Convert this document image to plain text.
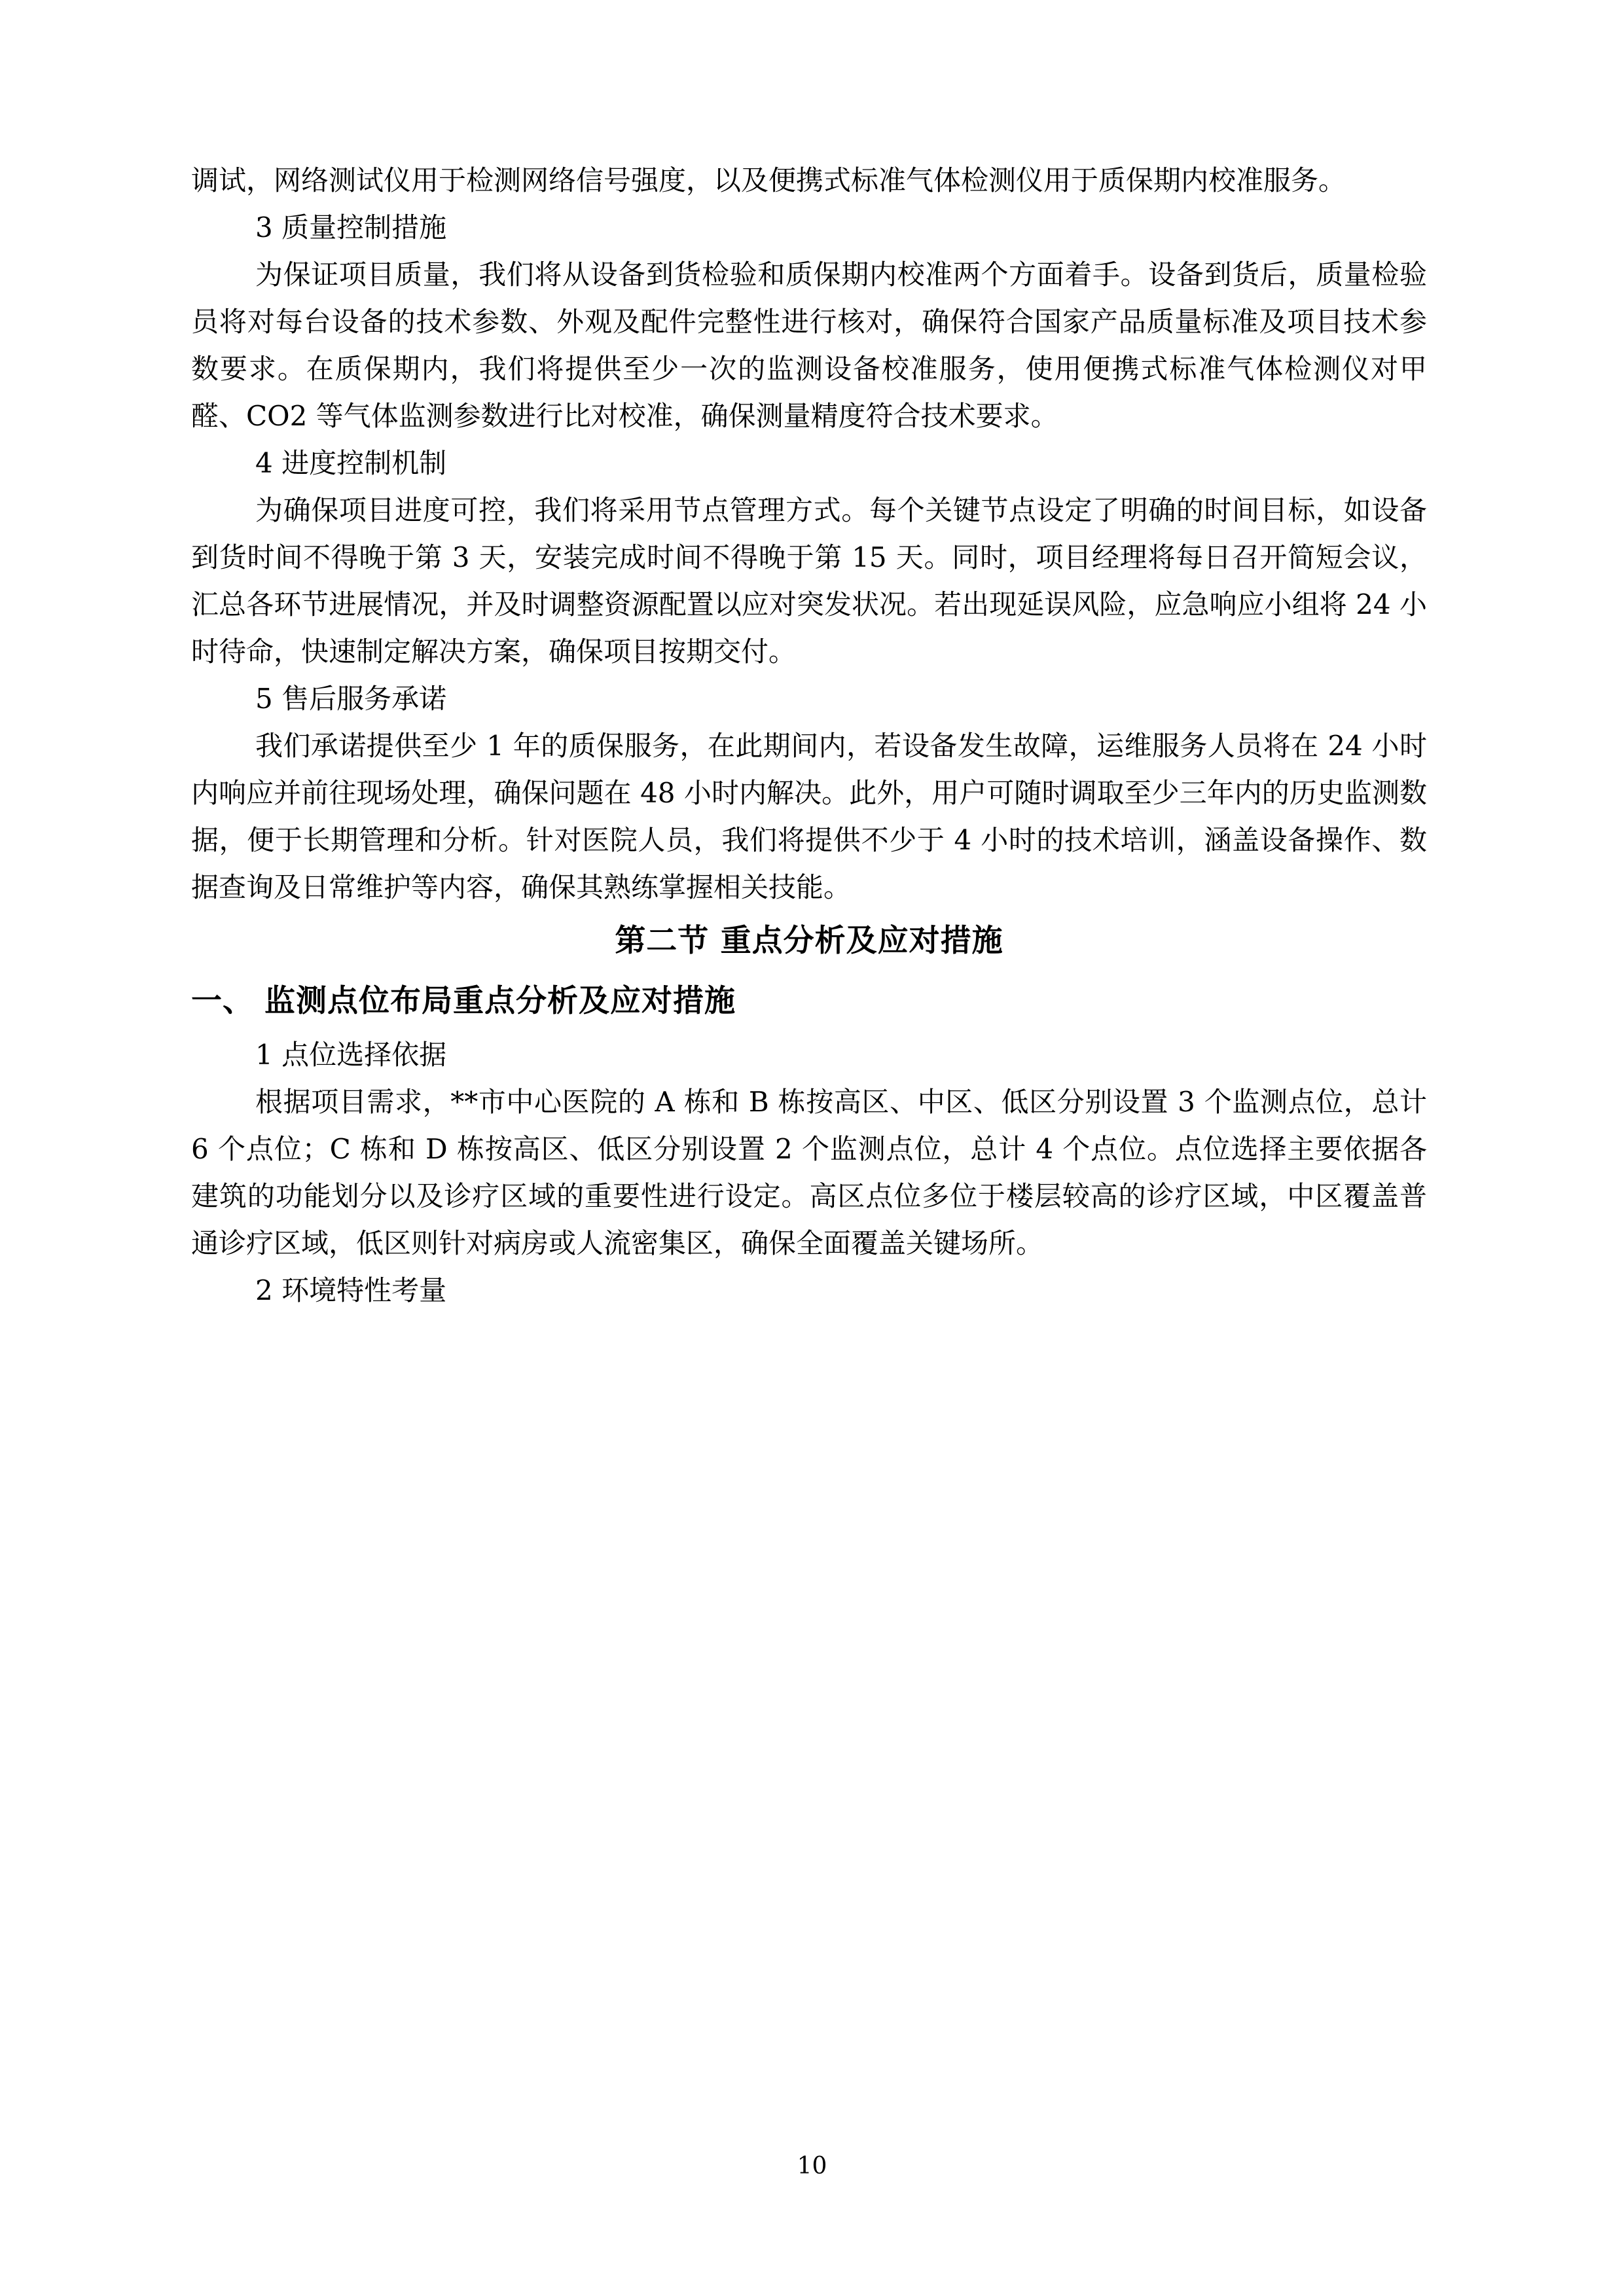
调试，网络测试仪用于检测网络信号强度，以及便携式标准气体检测仪用于质保期内校准服务。

3 质量控制措施

为保证项目质量，我们将从设备到货检验和质保期内校准两个方面着手。设备到货后，质量检验员将对每台设备的技术参数、外观及配件完整性进行核对，确保符合国家产品质量标准及项目技术参数要求。在质保期内，我们将提供至少一次的监测设备校准服务，使用便携式标准气体检测仪对甲醛、CO2 等气体监测参数进行比对校准，确保测量精度符合技术要求。

4 进度控制机制

为确保项目进度可控，我们将采用节点管理方式。每个关键节点设定了明确的时间目标，如设备到货时间不得晚于第 3 天，安装完成时间不得晚于第 15 天。同时，项目经理将每日召开简短会议，汇总各环节进展情况，并及时调整资源配置以应对突发状况。若出现延误风险，应急响应小组将 24 小时待命，快速制定解决方案，确保项目按期交付。

5 售后服务承诺

我们承诺提供至少 1 年的质保服务，在此期间内，若设备发生故障，运维服务人员将在 24 小时内响应并前往现场处理，确保问题在 48 小时内解决。此外，用户可随时调取至少三年内的历史监测数据，便于长期管理和分析。针对医院人员，我们将提供不少于 4 小时的技术培训，涵盖设备操作、数据查询及日常维护等内容，确保其熟练掌握相关技能。

第二节 重点分析及应对措施
一、 监测点位布局重点分析及应对措施

1 点位选择依据

根据项目需求，**市中心医院的 A 栋和 B 栋按高区、中区、低区分别设置 3 个监测点位，总计 6 个点位；C 栋和 D 栋按高区、低区分别设置 2 个监测点位，总计 4 个点位。点位选择主要依据各建筑的功能划分以及诊疗区域的重要性进行设定。高区点位多位于楼层较高的诊疗区域，中区覆盖普通诊疗区域，低区则针对病房或人流密集区，确保全面覆盖关键场所。

2 环境特性考量

10
